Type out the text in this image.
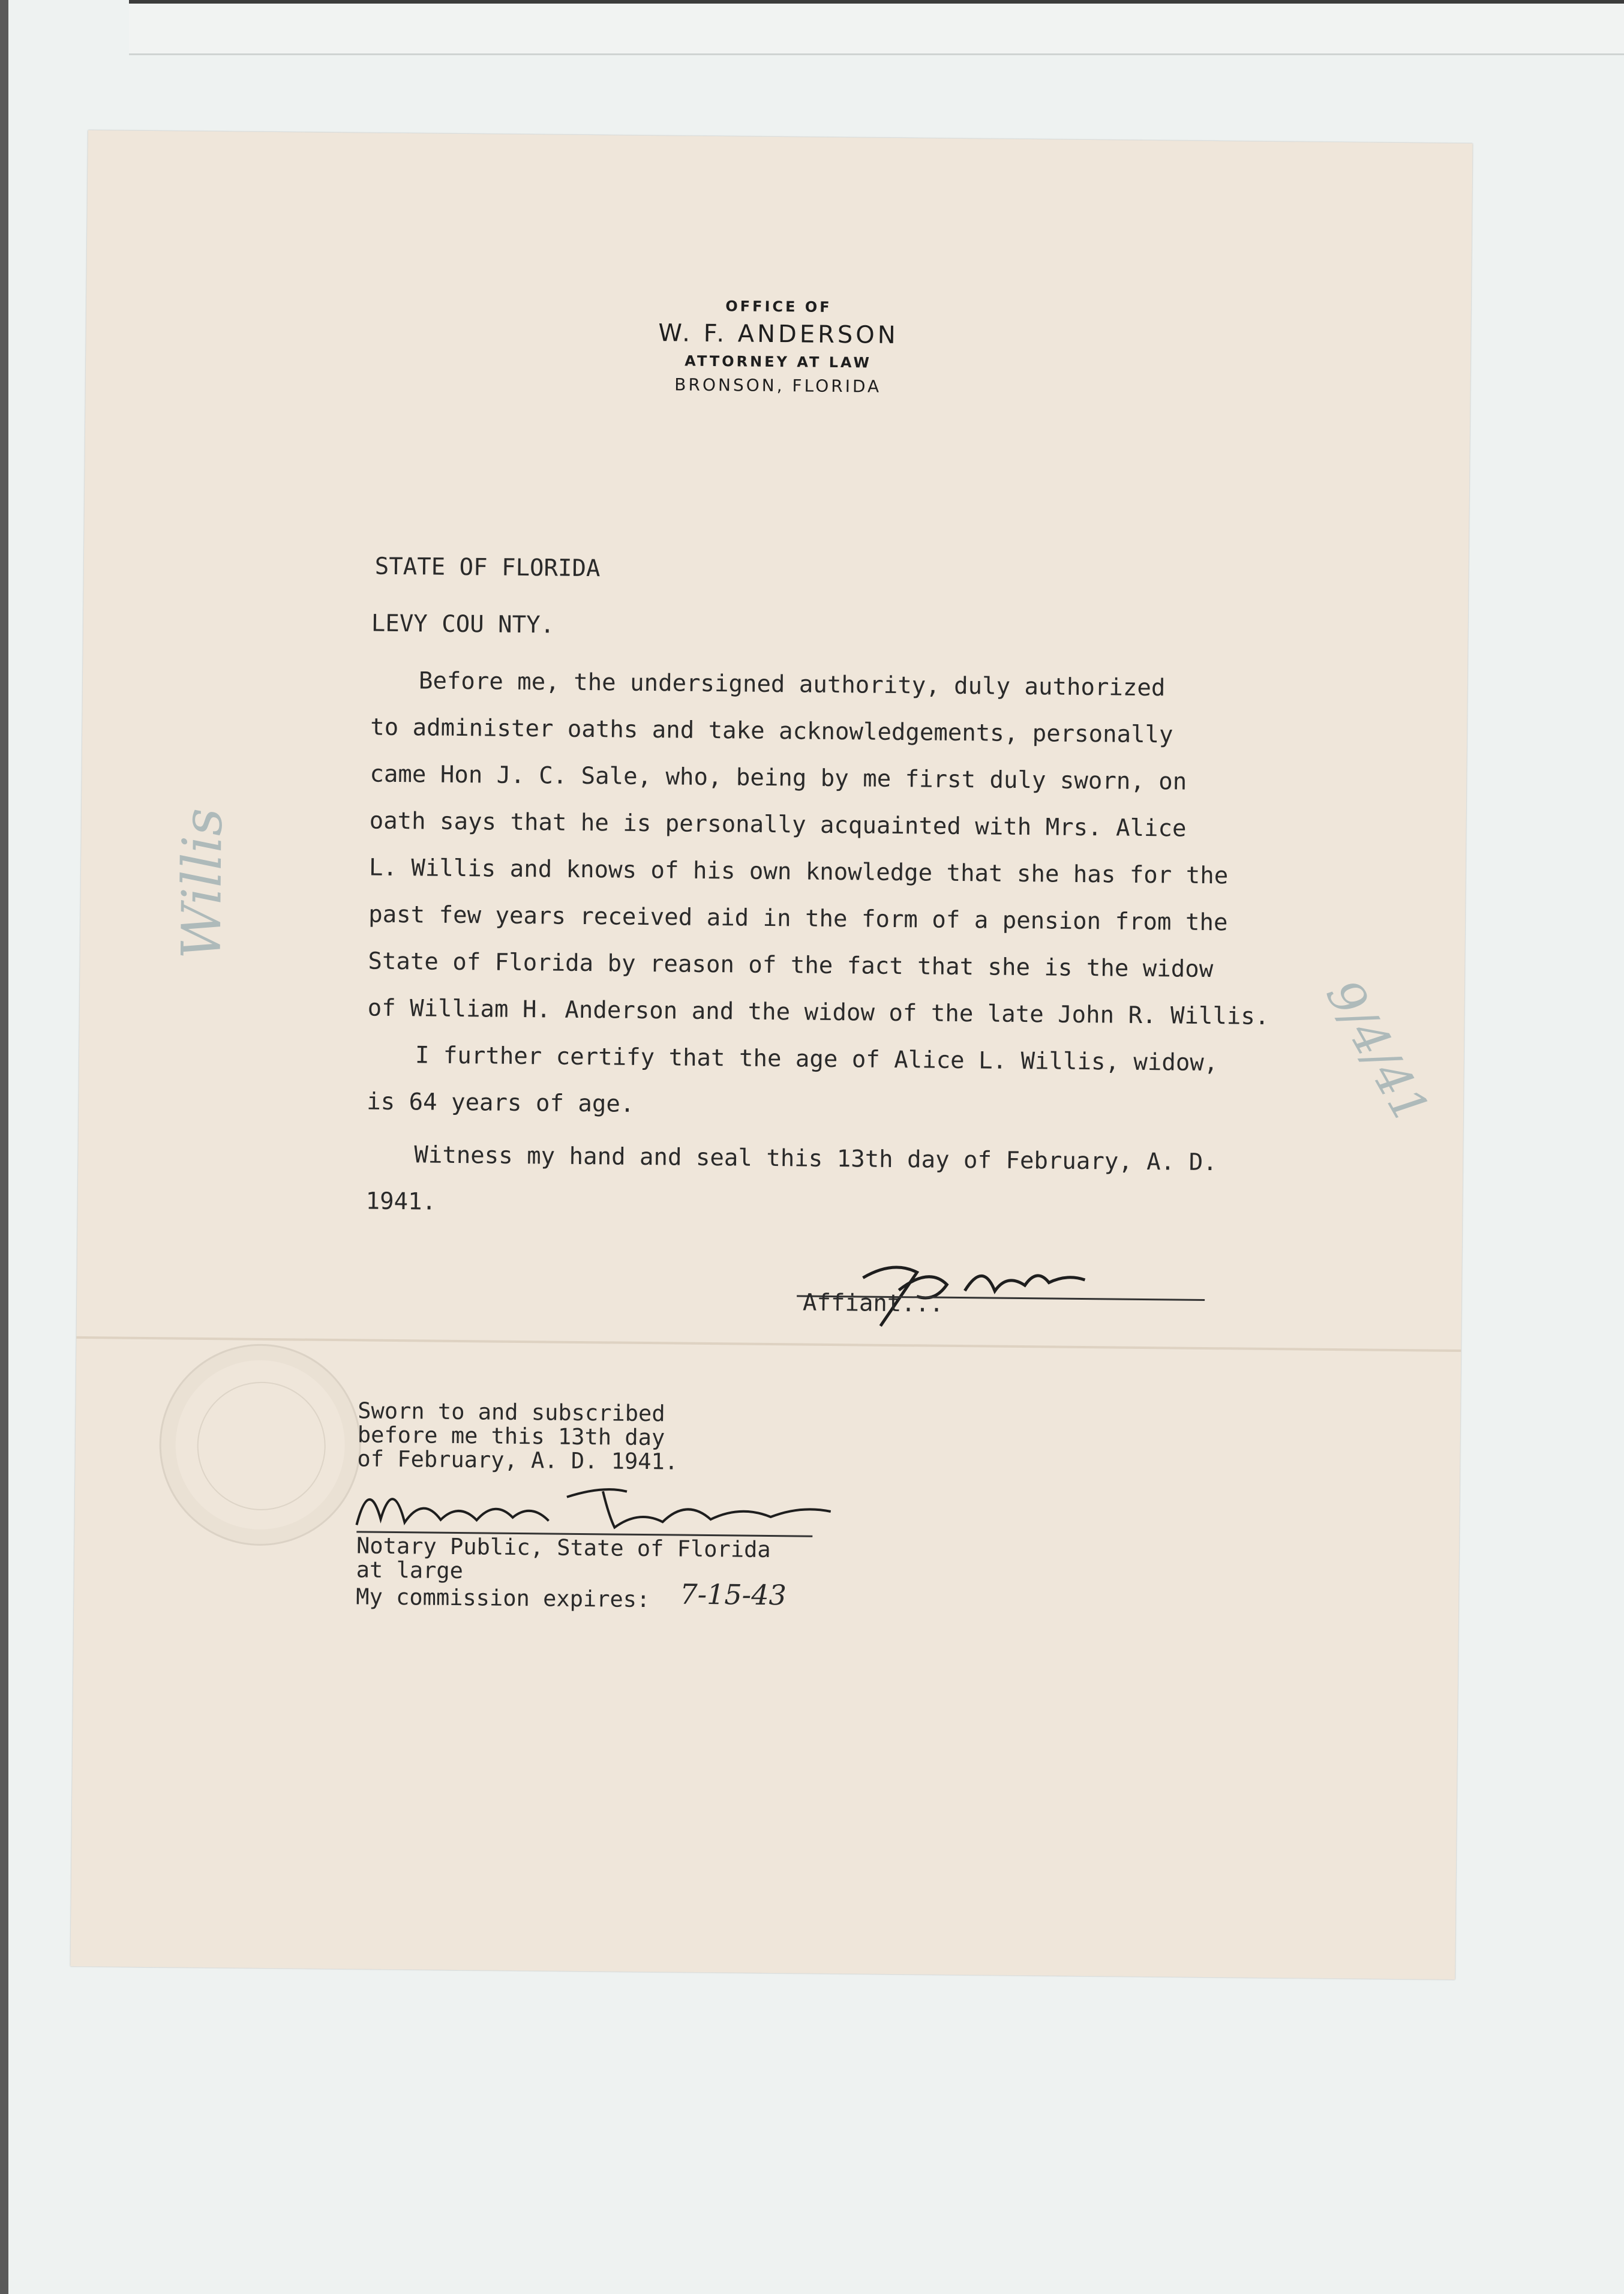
OFFICE OF
W. F. ANDERSON
ATTORNEY AT LAW
BRONSON, FLORIDA
STATE OF FLORIDA
LEVY COU NTY.
Before me, the undersigned authority, duly authorized
to administer oaths and take acknowledgements, personally
came Hon J. C. Sale, who, being by me first duly sworn, on
oath says that he is personally acquainted with Mrs. Alice
L. Willis and knows of his own knowledge that she has for the
past few years received aid in the form of a pension from the
State of Florida by reason of the fact that she is the widow
of William H. Anderson and the widow of the late John R. Willis.
I further certify that the age of Alice L. Willis, widow,
is 64 years of age.
Witness my hand and seal this 13th day of February, A. D.
1941.
Affiant...
Sworn to and subscribed
before me this 13th day
of February, A. D. 1941.
Notary Public, State of Florida
at large
My commission expires: 7-15-43
Willis
9/4/41
